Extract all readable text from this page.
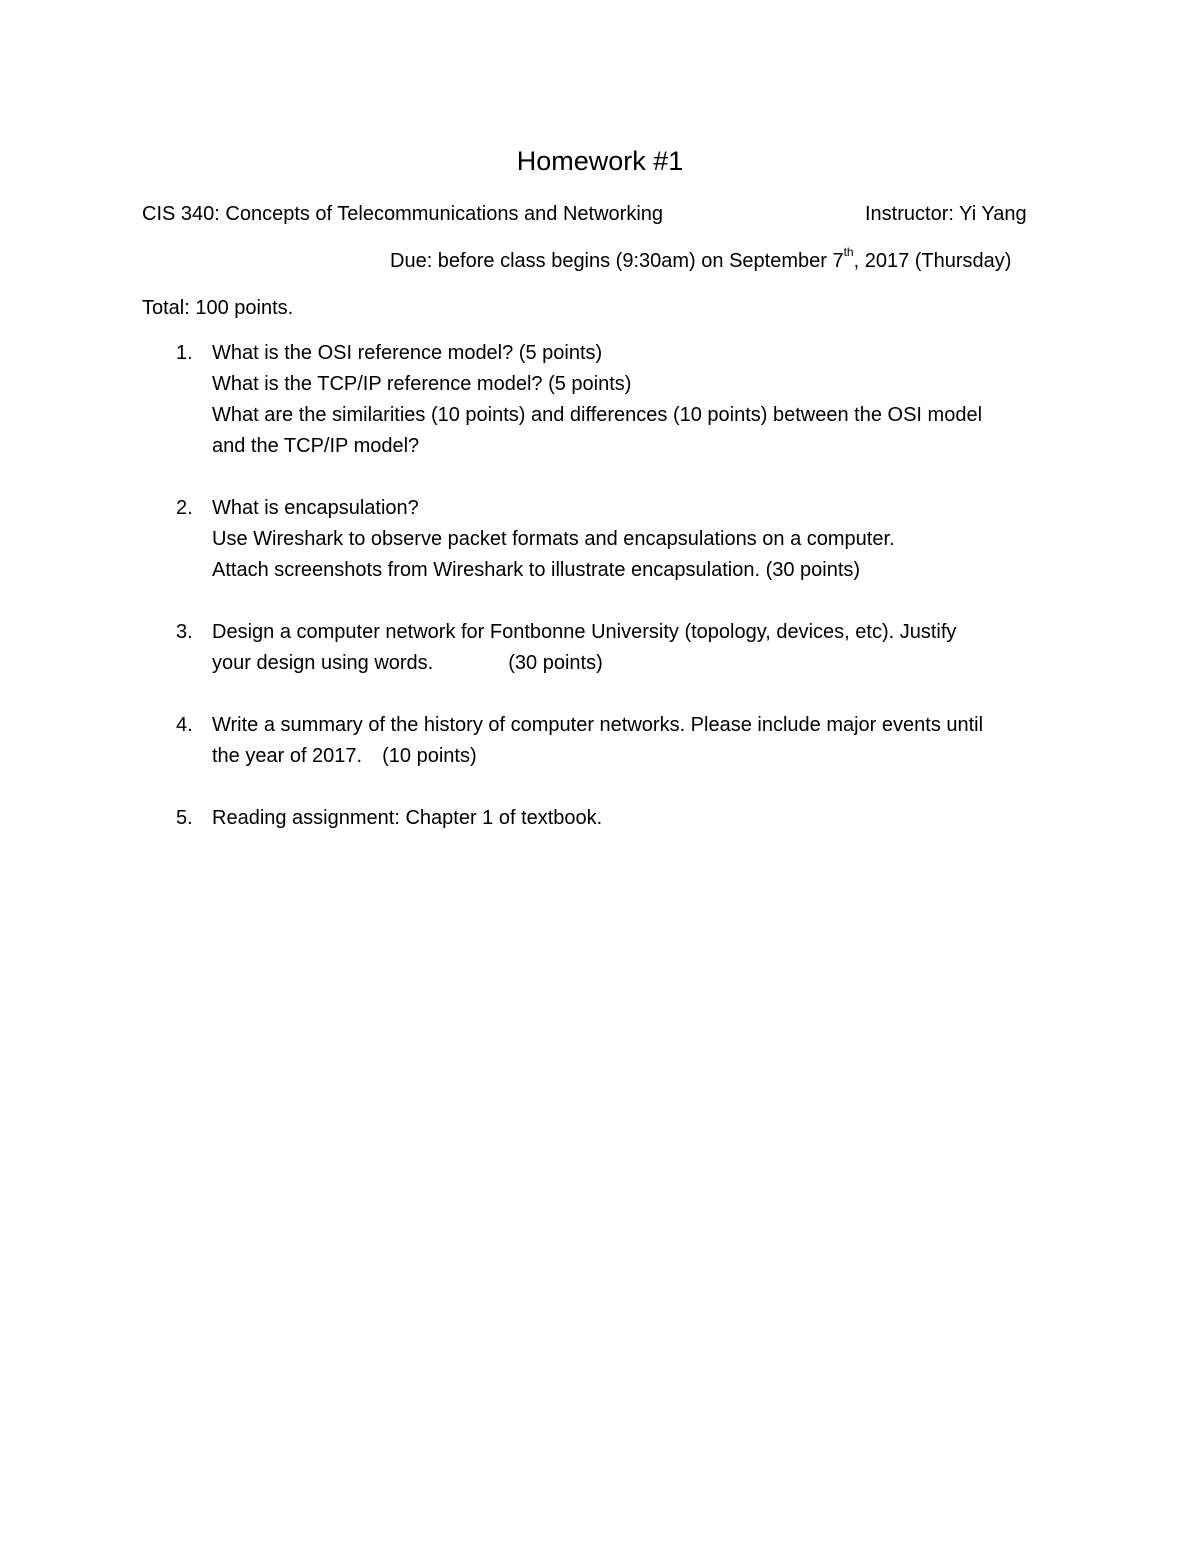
Homework #1
CIS 340: Concepts of Telecommunications and Networking	Instructor: Yi Yang
Due: before class begins (9:30am) on September 7th, 2017 (Thursday)
Total: 100 points.
1. What is the OSI reference model? (5 points)
What is the TCP/IP reference model? (5 points)
What are the similarities (10 points) and differences (10 points) between the OSI model
and the TCP/IP model?
2. What is encapsulation?
Use Wireshark to observe packet formats and encapsulations on a computer.
Attach screenshots from Wireshark to illustrate encapsulation. (30 points)
3. Design a computer network for Fontbonne University (topology, devices, etc). Justify
your design using words.	(30 points)
4. Write a summary of the history of computer networks. Please include major events until
the year of 2017. (10 points)
5. Reading assignment: Chapter 1 of textbook.
